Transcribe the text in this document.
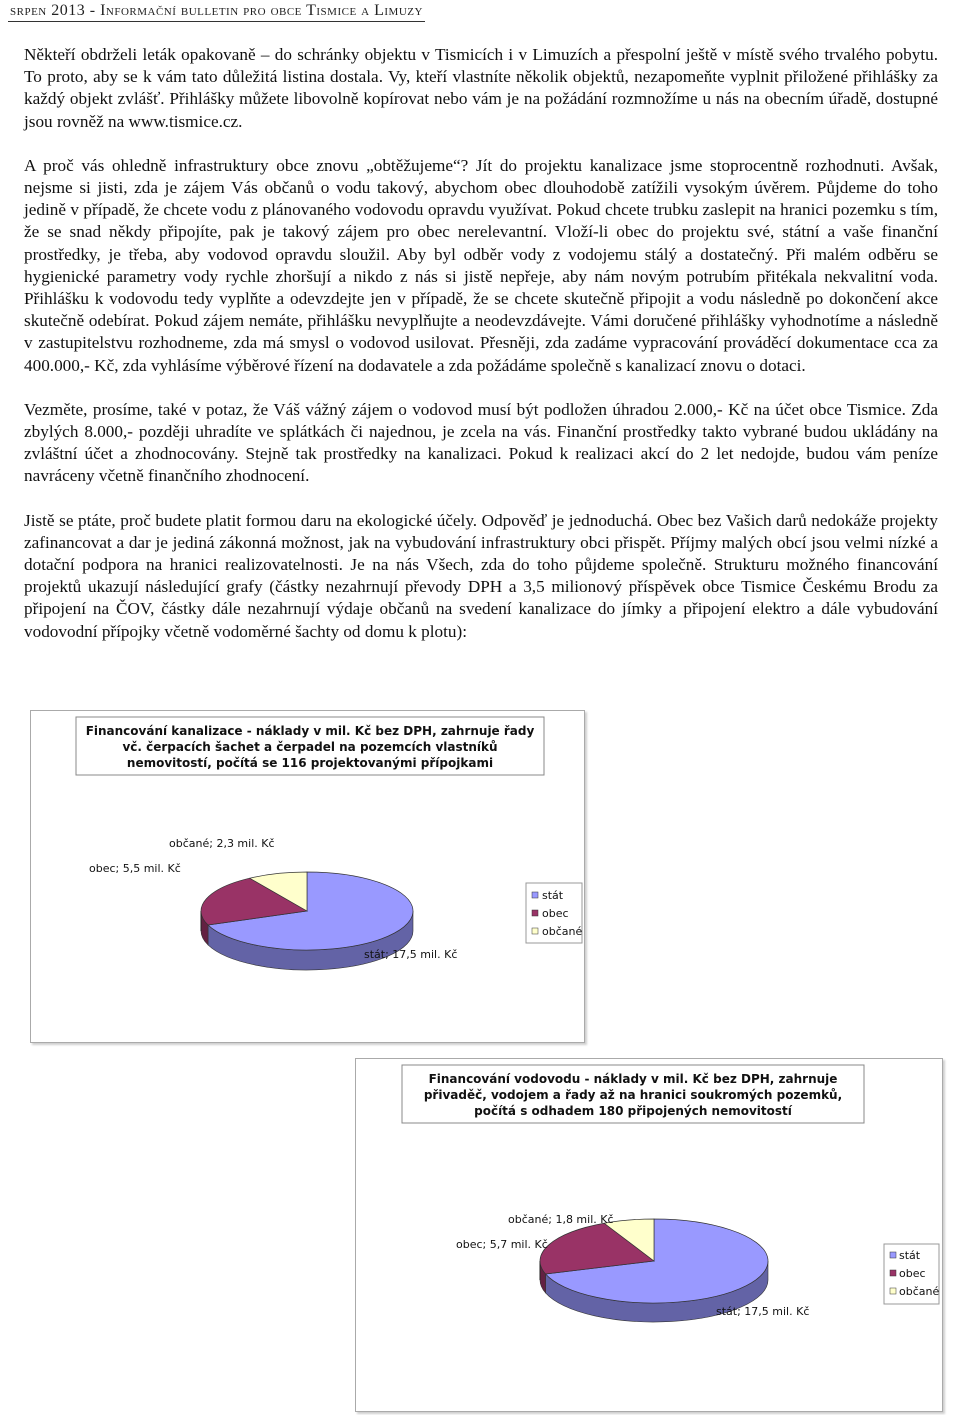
srpen 2013 - Informační bulletin pro obce Tismice a Limuzy

Někteří obdrželi leták opakovaně – do schránky objektu v Tismicích i v Limuzích a přespolní ještě v místě svého trvalého pobytu. To proto, aby se k vám tato důležitá listina dostala. Vy, kteří vlastníte několik objektů, nezapomeňte vyplnit přiložené přihlášky za každý objekt zvlášť. Přihlášky můžete libovolně kopírovat nebo vám je na požádání rozmnožíme u nás na obecním úřadě, dostupné jsou rovněž na www.tismice.cz.

A proč vás ohledně infrastruktury obce znovu „obtěžujeme“? Jít do projektu kanalizace jsme stoprocentně rozhodnuti. Avšak, nejsme si jisti, zda je zájem Vás občanů o vodu takový, abychom obec dlouhodobě zatížili vysokým úvěrem. Půjdeme do toho jedině v případě, že chcete vodu z plánovaného vodovodu opravdu využívat. Pokud chcete trubku zaslepit na hranici pozemku s tím, že se snad někdy připojíte, pak je takový zájem pro obec nerelevantní. Vloží-li obec do projektu své, státní a vaše finanční prostředky, je třeba, aby vodovod opravdu sloužil. Aby byl odběr vody z vodojemu stálý a dostatečný. Při malém odběru se hygienické parametry vody rychle zhoršují a nikdo z nás si jistě nepřeje, aby nám novým potrubím přitékala nekvalitní voda. Přihlášku k vodovodu tedy vyplňte a odevzdejte jen v případě, že se chcete skutečně připojit a vodu následně po dokončení akce skutečně odebírat. Pokud zájem nemáte, přihlášku nevyplňujte a neodevzdávejte. Vámi doručené přihlášky vyhodnotíme a následně v zastupitelstvu rozhodneme, zda má smysl o vodovod usilovat. Přesněji, zda zadáme vypracování prováděcí dokumentace cca za 400.000,- Kč, zda vyhlásíme výběrové řízení na dodavatele a zda požádáme společně s kanalizací znovu o dotaci.

Vezměte, prosíme, také v potaz, že Váš vážný zájem o vodovod musí být podložen úhradou 2.000,- Kč na účet obce Tismice. Zda zbylých 8.000,- později uhradíte ve splátkách či najednou, je zcela na vás. Finanční prostředky takto vybrané budou ukládány na zvláštní účet a zhodnocovány. Stejně tak prostředky na kanalizaci. Pokud k realizaci akcí do 2 let nedojde, budou vám peníze navráceny včetně finančního zhodnocení.

Jistě se ptáte, proč budete platit formou daru na ekologické účely. Odpověď je jednoduchá. Obec bez Vašich darů nedokáže projekty zafinancovat a dar je jediná zákonná možnost, jak na vybudování infrastruktury obci přispět. Příjmy malých obcí jsou velmi nízké a dotační podpora na hranici realizovatelnosti. Je na nás Všech, zda do toho půjdeme společně. Strukturu možného financování projektů ukazují následující grafy (částky nezahrnují převody DPH a 3,5 milionový příspěvek obce Tismice Českému Brodu za připojení na ČOV, částky dále nezahrnují výdaje občanů na svedení kanalizace do jímky a připojení elektro a dále vybudování vodovodní přípojky včetně vodoměrné šachty od domu k plotu):

Financování kanalizace - náklady v mil. Kč bez DPH, zahrnuje řady
vč. čerpacích šachet a čerpadel na pozemcích vlastníků
nemovitostí, počítá se 116 projektovanými přípojkami
občané; 2,3 mil. Kč
obec; 5,5 mil. Kč
stát; 17,5 mil. Kč
stát
obec
občané
Financování vodovodu - náklady v mil. Kč bez DPH, zahrnuje
přivaděč, vodojem a řady až na hranici soukromých pozemků,
počítá s odhadem 180 připojených nemovitostí
občané; 1,8 mil. Kč
obec; 5,7 mil. Kč
stát; 17,5 mil. Kč
stát
obec
občané
